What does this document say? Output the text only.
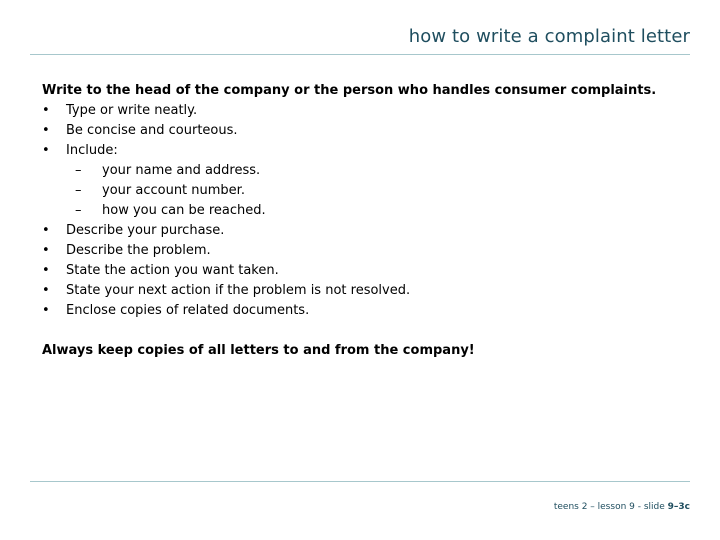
how to write a complaint letter

Write to the head of the company or the person who handles consumer complaints.

• Type or write neatly.
• Be concise and courteous.
• Include:
– your name and address.
– your account number.
– how you can be reached.
• Describe your purchase.
• Describe the problem.
• State the action you want taken.
• State your next action if the problem is not resolved.
• Enclose copies of related documents.

Always keep copies of all letters to and from the company!

teens 2 – lesson 9 - slide 9–3c
